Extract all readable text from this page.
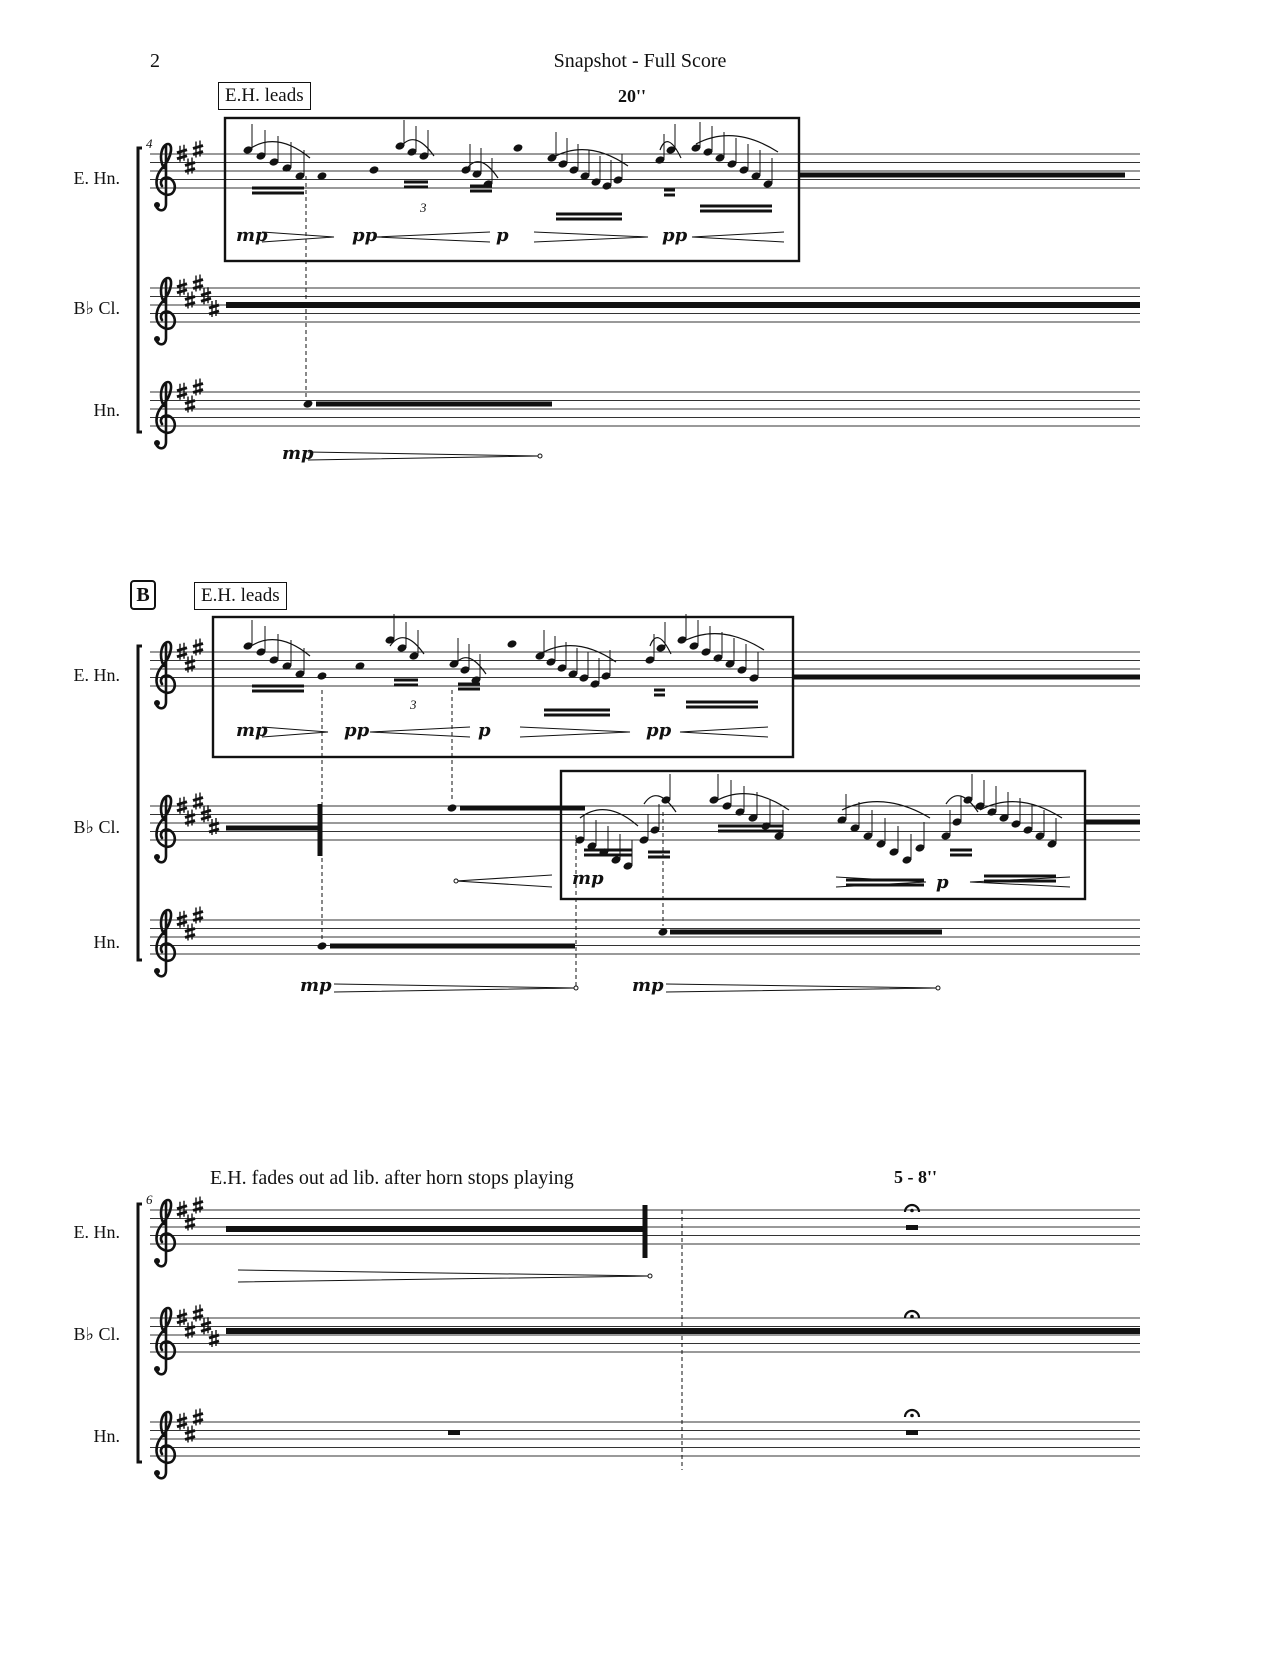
2	Snapshot - Full Score
E.H. leads	20''
4
E. Hn.
B♭ Cl.
Hn.
mp	pp	p	pp
mp
3
B	E.H. leads
E. Hn.
B♭ Cl.
Hn.
mp	pp	p	pp
mp	p
mp	mp
3
E.H. fades out ad lib. after horn stops playing	5 - 8''
6
E. Hn.
B♭ Cl.
Hn.
